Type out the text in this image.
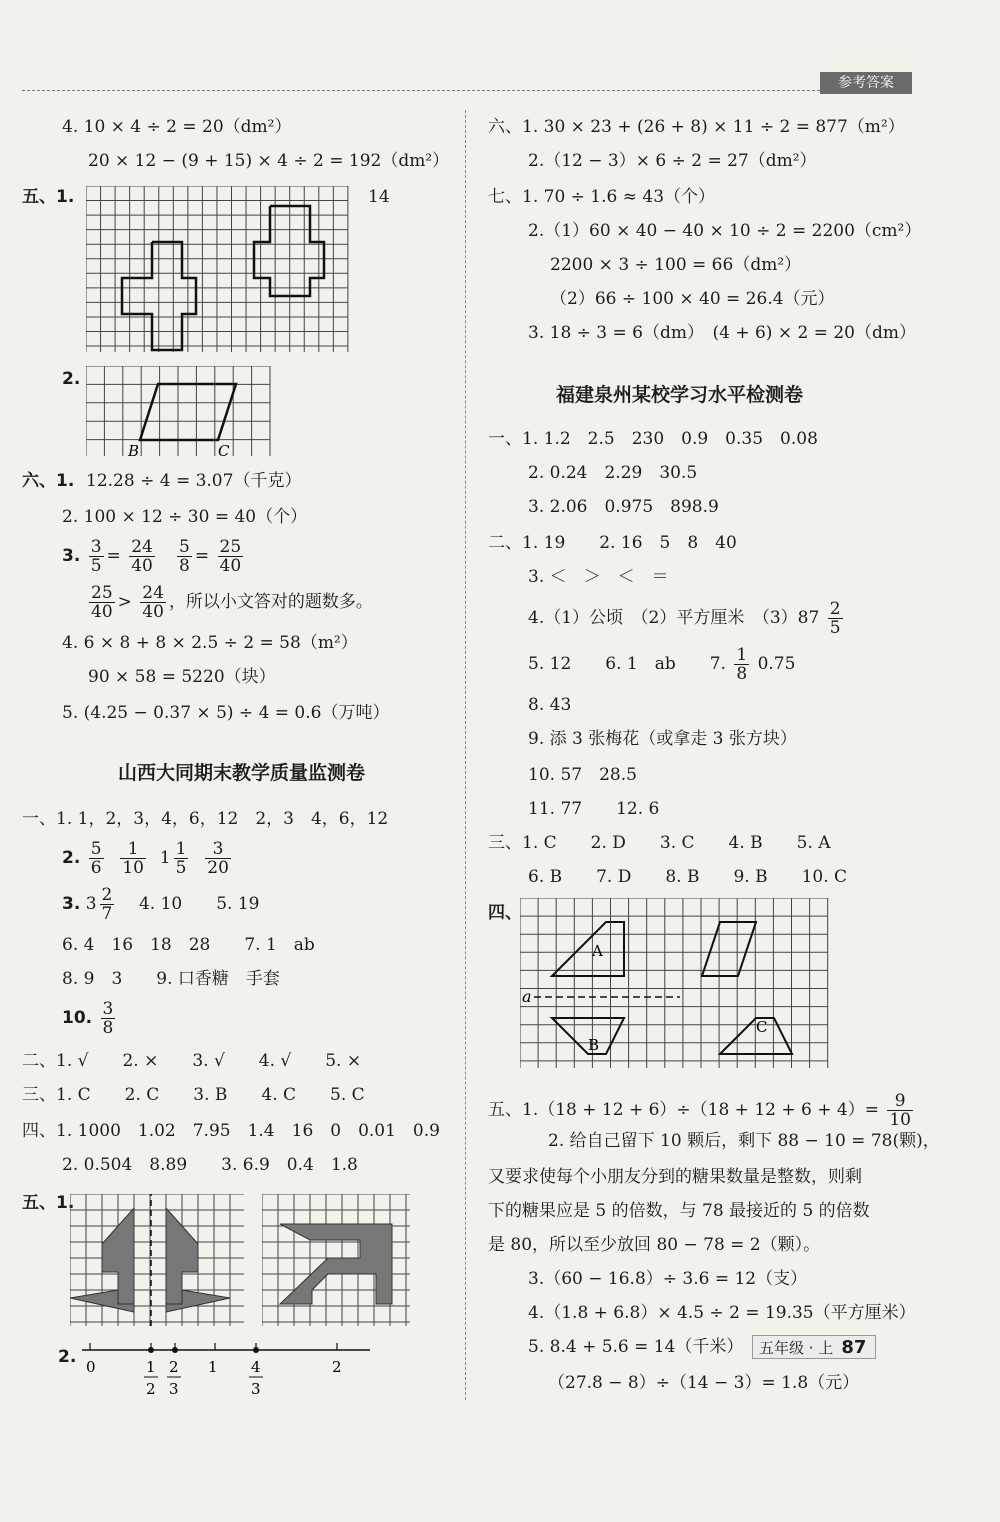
参考答案
4. 10 × 4 ÷ 2 = 20（dm²）
20 × 12 − (9 + 15) × 4 ÷ 2 = 192（dm²）
五、1.	14
2.
B	C
六、1. 12.28 ÷ 4 = 3.07（千克）
2. 100 × 12 ÷ 30 = 40（个）
3. $\frac{3}{5} = \frac{24}{40}$
$\frac{5}{8} = \frac{25}{40}$
$\frac{25}{40} > \frac{24}{40}$ ，所以小文答对的题数多。
4. 6 × 8 + 8 × 2.5 ÷ 2 = 58（m²）
90 × 58 = 5220（块）
5. (4.25 − 0.37 × 5) ÷ 4 = 0.6（万吨）
山西大同期末教学质量监测卷
一、1. 1，2，3，4，6，12　2，3　4，6，12
2. $\frac{5}{6}$
$\frac{1}{10} 1 \frac{1}{5}$
$\frac{3}{20}$
3. $3 \frac{2}{7} 4$. 10　　5. 19
6. 4　16　18　28　　7. 1　ab
8. 9　3　　9. 口香糖　手套
10. $\frac{3}{8}$
二、1. √　　2. ×　　3. √　　4. √　　5. ×
三、1. C　　2. C　　3. B　　4. C　　5. C
四、1. 1000　1.02　7.95　1.4　16　0　0.01　0.9
2. 0.504　8.89　　3. 6.9　0.4　1.8
五、1.
2. 0	1	2
1
2
2
3
4
3
六、1. 30 × 23 + (26 + 8) × 11 ÷ 2 = 877（m²）
2.（12 − 3）× 6 ÷ 2 = 27（dm²）
七、1. 70 ÷ 1.6 ≈ 43（个）
2.（1）60 × 40 − 40 × 10 ÷ 2 = 2200（cm²）
2200 × 3 ÷ 100 = 66（dm²）
（2）66 ÷ 100 × 40 = 26.4（元）
3. 18 ÷ 3 = 6（dm）　(4 + 6) × 2 = 20（dm）
福建泉州某校学习水平检测卷
一、1. 1.2　2.5　230　0.9　0.35　0.08
2. 0.24　2.29　30.5
3. 2.06　0.975　898.9
二、1. 19　　2. 16　5　8　40
3. ＜　＞　＜　＝
4.（1）公顷　（2）平方厘米　$(3)87 \frac{2}{5}$
5. 12　　6. 1　ab　　7. $\frac{1}{8} 0.75$
8. 43
9. 添 3 张梅花（或拿走 3 张方块）
10. 57　28.5
11. 77　　12. 6
三、1. C　　2. D　　3. C　　4. B　　5. A
6. B　　7. D　　8. B　　9. B　　10. C
四、
a
A
B
C
五、$1.(18 + 12 + 6)\div(18 + 12 + 6 + 4)= \frac{9}{10}$
2. 给自己留下 10 颗后，剩下 88 − 10 = 78(颗)，
又要求使每个小朋友分到的糖果数量是整数，则剩
下的糖果应是 5 的倍数，与 78 最接近的 5 的倍数
是 80，所以至少放回 80 − 78 = 2（颗）。
3.（60 − 16.8）÷ 3.6 = 12（支）
4.（1.8 + 6.8）× 4.5 ÷ 2 = 19.35（平方厘米）
5. 8.4 + 5.6 = 14（千米）
（27.8 − 8）÷（14 − 3）= 1.8（元）
五年级 · 上 87
